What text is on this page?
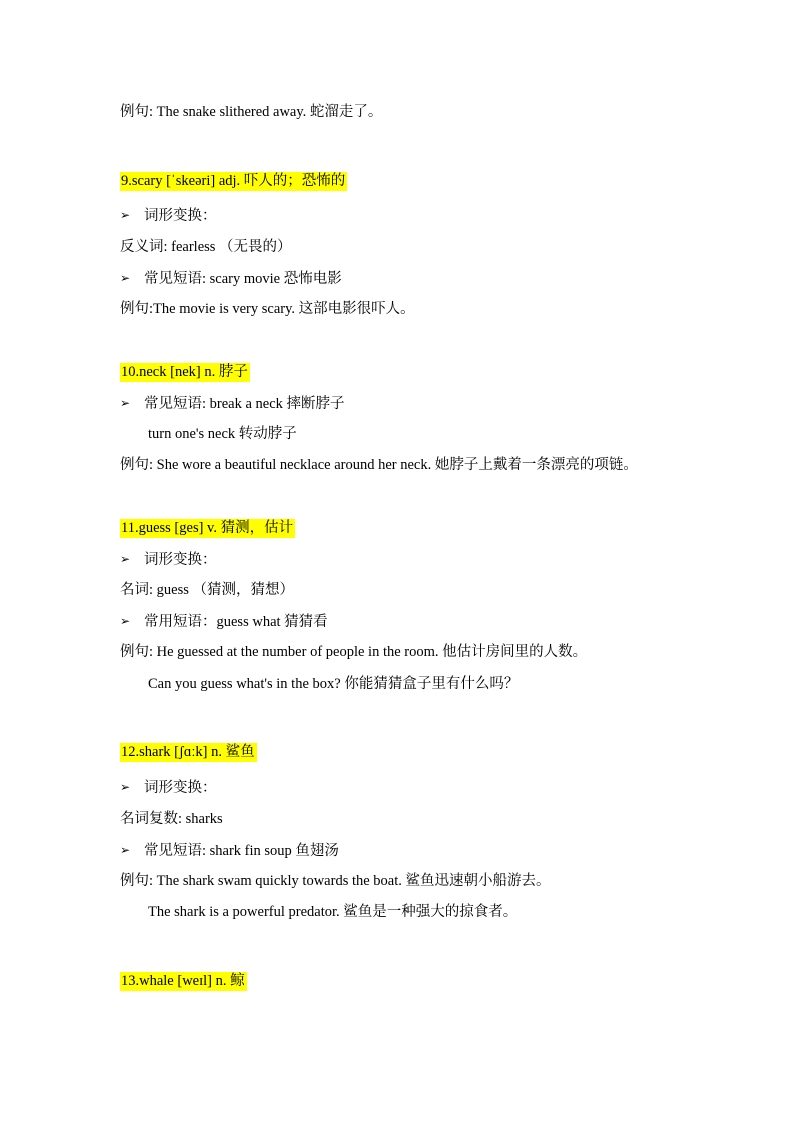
例句: The snake slithered away. 蛇溜走了。
9.scary [ˈskeəri] adj. 吓人的；恐怖的
➢ 词形变换：
反义词: fearless （无畏的）
➢ 常见短语: scary movie 恐怖电影
例句:The movie is very scary. 这部电影很吓人。
10.neck [nek] n. 脖子
➢ 常见短语: break a neck 摔断脖子
turn one's neck 转动脖子
例句: She wore a beautiful necklace around her neck. 她脖子上戴着一条漂亮的项链。
11.guess [ges] v. 猜测，估计
➢ 词形变换：
名词: guess （猜测，猜想）
➢ 常用短语：guess what 猜猜看
例句: He guessed at the number of people in the room. 他估计房间里的人数。
Can you guess what's in the box? 你能猜猜盒子里有什么吗？
12.shark [ʃɑːk] n. 鲨鱼
➢ 词形变换：
名词复数: sharks
➢ 常见短语: shark fin soup 鱼翅汤
例句: The shark swam quickly towards the boat. 鲨鱼迅速朝小船游去。
The shark is a powerful predator. 鲨鱼是一种强大的掠食者。
13.whale [weɪl] n. 鲸
